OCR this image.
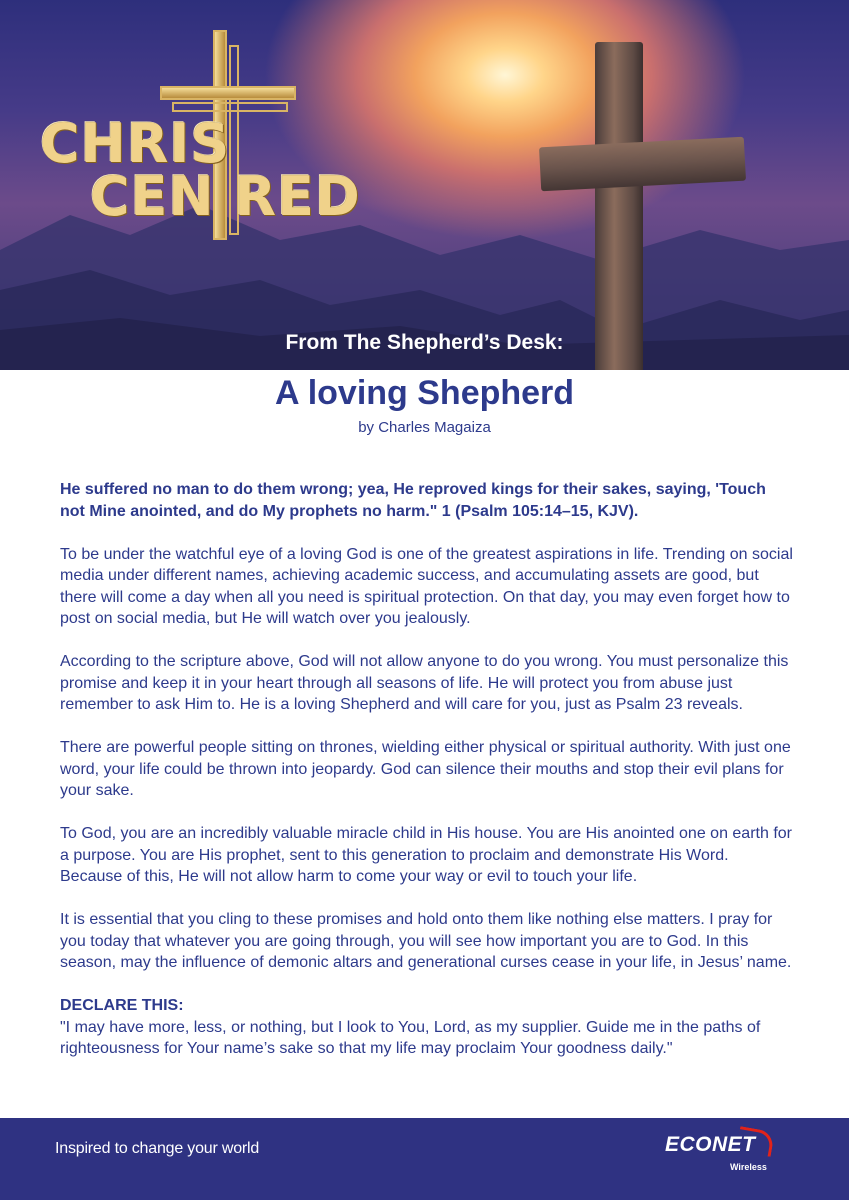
CHRIS
CEN RED
From The Shepherd’s Desk:
A loving Shepherd
by Charles Magaiza

He suffered no man to do them wrong; yea, He reproved kings for their sakes, saying, 'Touch not Mine anointed, and do My prophets no harm." 1 (Psalm 105:14–15, KJV).

To be under the watchful eye of a loving God is one of the greatest aspirations in life. Trending on social media under different names, achieving academic success, and accumulating assets are good, but there will come a day when all you need is spiritual protection. On that day, you may even forget how to post on social media, but He will watch over you jealously.

According to the scripture above, God will not allow anyone to do you wrong. You must personalize this promise and keep it in your heart through all seasons of life. He will protect you from abuse just remember to ask Him to. He is a loving Shepherd and will care for you, just as Psalm 23 reveals.

There are powerful people sitting on thrones, wielding either physical or spiritual authority. With just one word, your life could be thrown into jeopardy. God can silence their mouths and stop their evil plans for your sake.

To God, you are an incredibly valuable miracle child in His house. You are His anointed one on earth for a purpose. You are His prophet, sent to this generation to proclaim and demonstrate His Word. Because of this, He will not allow harm to come your way or evil to touch your life.

It is essential that you cling to these promises and hold onto them like nothing else matters. I pray for you today that whatever you are going through, you will see how important you are to God. In this season, may the influence of demonic altars and generational curses cease in your life, in Jesus’ name.

DECLARE THIS:

"I may have more, less, or nothing, but I look to You, Lord, as my supplier. Guide me in the paths of righteousness for Your name’s sake so that my life may proclaim Your goodness daily."

Inspired to change your world	ECONET
Wireless
